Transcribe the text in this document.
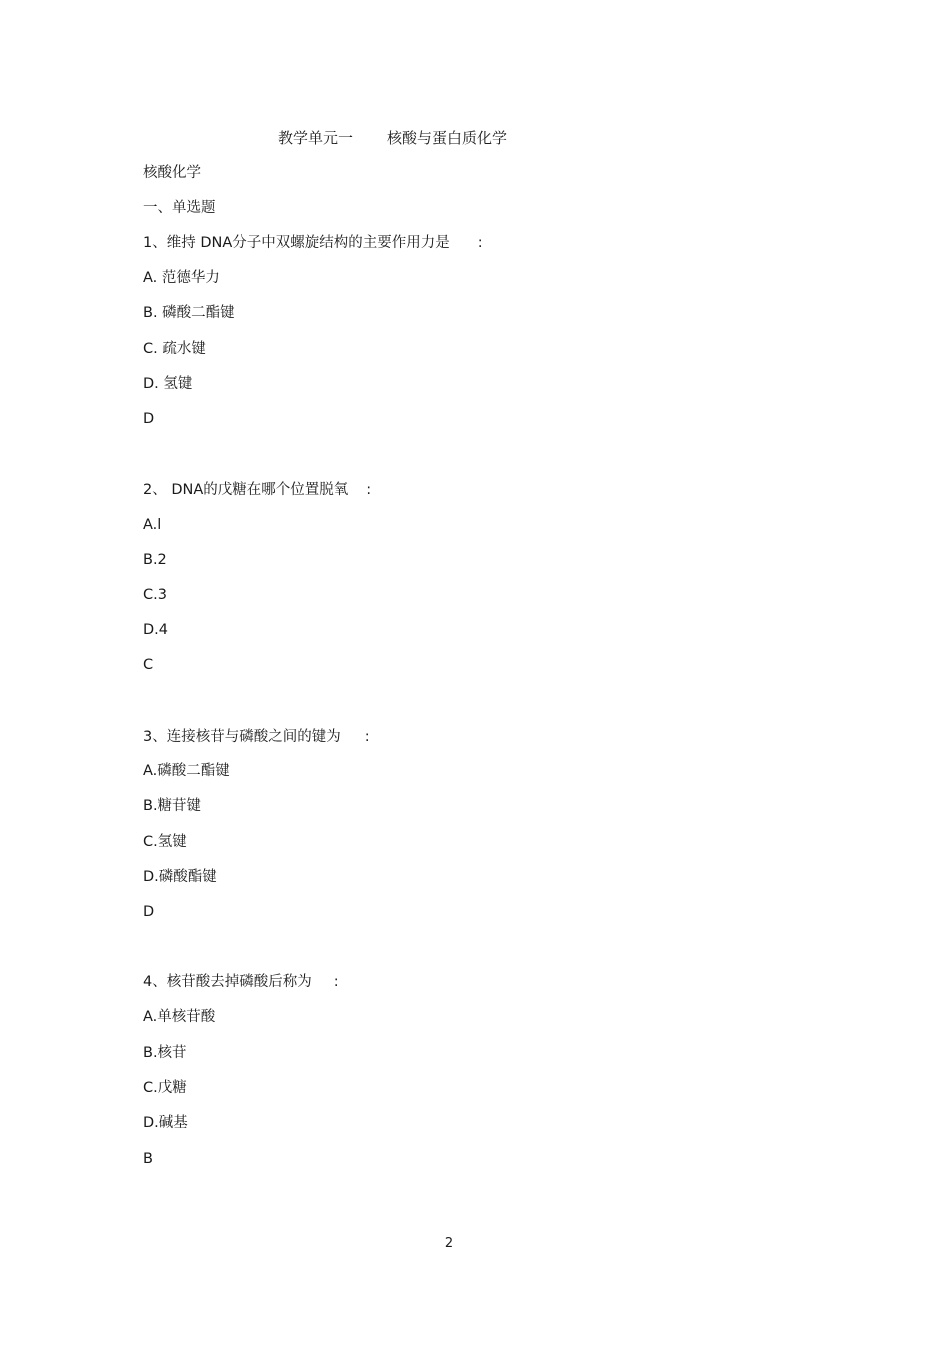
教学单元一 核酸与蛋白质化学
核酸化学
一、单选题
1、维持 DNA分子中双螺旋结构的主要作用力是 :
A. 范德华力
B. 磷酸二酯键
C. 疏水键
D. 氢键
D
2、 DNA的戊糖在哪个位置脱氧 :
A.l
B.2
C.3
D.4
C
3、连接核苷与磷酸之间的键为 :
A.磷酸二酯键
B.糖苷键
C.氢键
D.磷酸酯键
D
4、核苷酸去掉磷酸后称为 :
A.单核苷酸
B.核苷
C.戊糖
D.碱基
B
2
